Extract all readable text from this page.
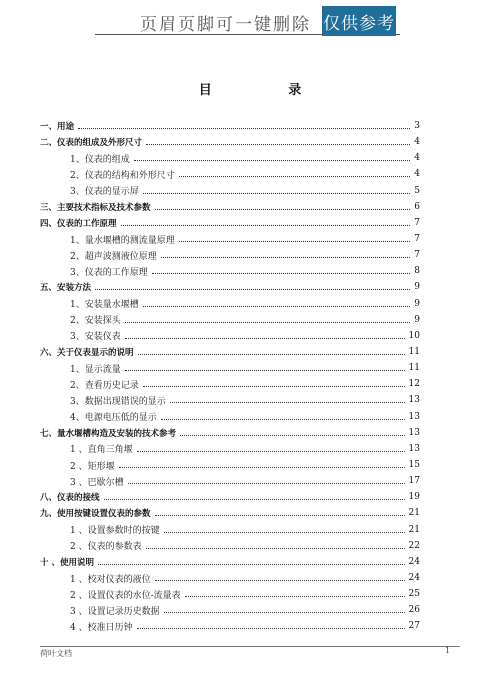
页眉页脚可一键删除 仅供参考
目	录
一、用途	3
二、仪表的组成及外形尺寸	4
1、仪表的组成	4
2、仪表的结构和外形尺寸	4
3、仪表的显示屏	5
三、主要技术指标及技术参数	6
四、仪表的工作原理	7
1、量水堰槽的测流量原理	7
2、超声波测液位原理	7
3、仪表的工作原理	8
五、安装方法	9
1、安装量水堰槽	9
2、安装探头	9
3、安装仪表	10
六、关于仪表显示的说明	11
1、显示流量	11
2、查看历史记录	12
3、数据出现错误的显示	13
4、电源电压低的显示	13
七、量水堰槽构造及安装的技术参考	13
1 、直角三角堰	13
2 、矩形堰	15
3 、巴歇尔槽	17
八、仪表的接线	19
九、使用按键设置仪表的参数	21
1 、设置参数时的按键	21
2 、仪表的参数表	22
十 、使用说明	24
1 、校对仪表的液位	24
2 、设置仪表的水位-流量表	25
3 、设置记录历史数据	26
4 、校准日历钟	27
荷叶文档	1
